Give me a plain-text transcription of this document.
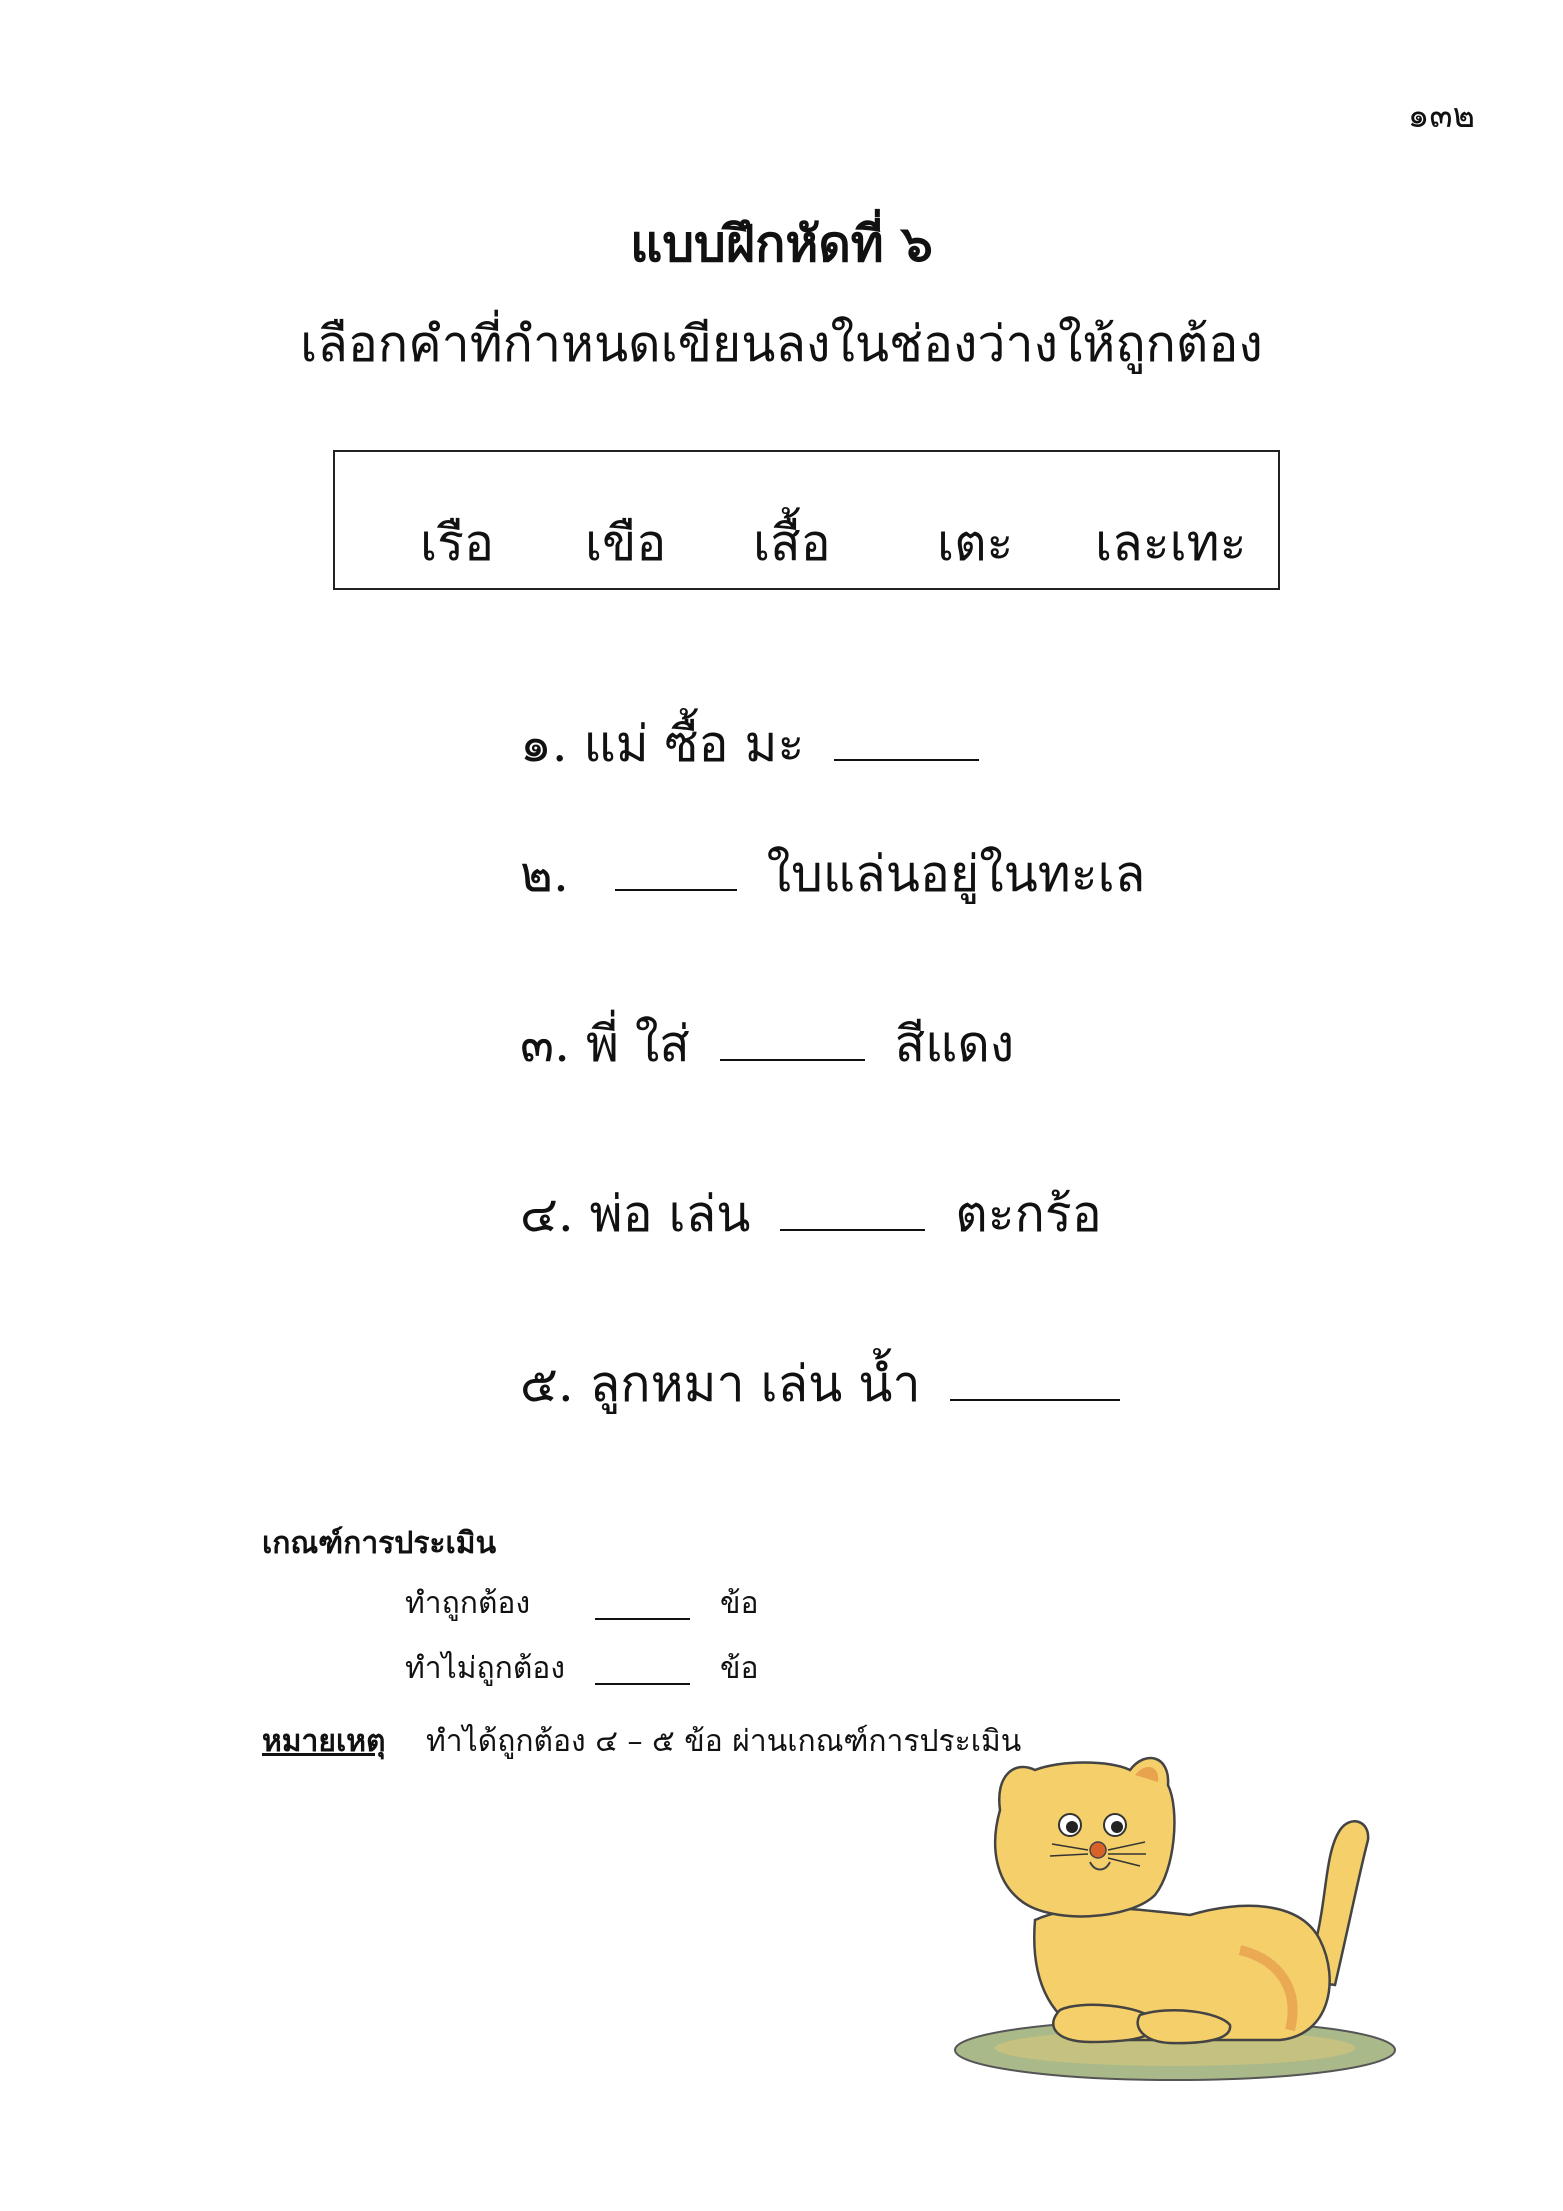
๑๓๒
แบบฝึกหัดที่ ๖
เลือกคำที่กำหนดเขียนลงในช่องว่างให้ถูกต้อง
เรือ เขือ เสื้อ เตะ เละเทะ
๑. แม่ ซื้อ มะ
๒.	ใบแล่นอยู่ในทะเล
๓. พี่ ใส่	สีแดง
๔. พ่อ เล่น	ตะกร้อ
๕. ลูกหมา เล่น น้ำ
เกณฑ์การประเมิน
ทำถูกต้อง	ข้อ
ทำไม่ถูกต้อง	ข้อ
หมายเหตุ ทำได้ถูกต้อง ๔ – ๕ ข้อ ผ่านเกณฑ์การประเมิน
